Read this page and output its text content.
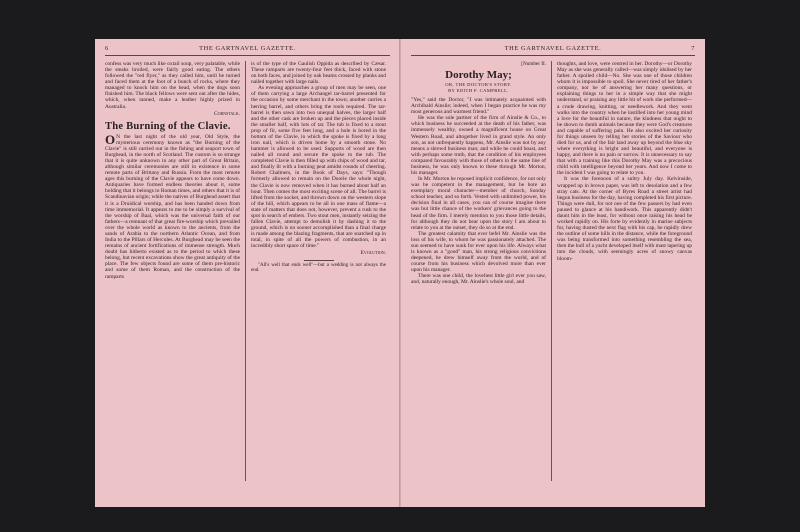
6	THE GARTNAVEL GAZETTE.

confess was very much like oxtail soup, very palatable, while the steaks broiled, were fairly good eating. The others followed the "red flyer," as they called him, until he turned and faced them at the foot of a bunch of rocks, where they managed to knock him on the head, when the dogs soon finished him. The black fellows were sent out after the hides, which, when tanned, make a leather highly prized in Australia.

Cornstalk.
The Burning of the Clavie.

O N the last night of the old year, Old Style, the mysterious ceremony known as "the Burning of the Clavie" is still carried out in the fishing and seaport town of Burghead, in the north of Scotland. The custom is so strange that it is quite unknown in any other part of Great Britain, although similar ceremonies are still in existence in some remote parts of Brittany and Russia. From the most remote ages this burning of the Clavie appears to have come down. Antiquaries have formed endless theories about it, some holding that it belongs to Roman times, and others that it is of Scandinavian origin; while the natives of Burghead assert that it is a Druidical worship, and has been handed down from time immemorial. It appears to me to be simply a survival of the worship of Baal, which was the universal faith of our fathers—a remnant of that great fire-worship which prevailed over the whole world as known to the ancients, from the sands of Arabia to the northern Atlantic Ocean, and from India to the Pillars of Hercules. At Burghead may be seen the remains of ancient fortifications of immense strength. Much doubt has hitherto existed as to the period to which these belong, but recent excavations show the great antiquity of the place. The few objects found are some of them pre-historic and some of them Roman, and the construction of the ramparts

is of the type of the Gaulish Oppida as described by Cæsar. These ramparts are twenty-four feet thick, faced with stone on both faces, and joined by oak beams crossed by planks and nailed together with large nails.

As evening approaches a group of men may be seen, one of them carrying a large Archangel tar-barrel presented for the occasion by some merchant in the town; another carries a herring barrel, and others bring the tools required. The tar-barrel is then sawn into two unequal halves, the larger half and the other cask are broken up and the pieces placed inside the smaller half, with lots of tar. The tub is fixed to a stout prop of fir, some five feet long, and a hole is bored in the bottom of the Clavie, in which the spoke is fixed by a long iron nail, which is driven home by a smooth stone. No hammer is allowed to be used. Supports of wood are then nailed all round and secure the spoke to the tub. The completed Clavie is then filled up with chips of wood and tar, and finally lit with a burning peat amidst rounds of cheering. Robert Chalmers, in the Book of Days, says: "Though formerly allowed to remain on the Doorie the whole night, the Clavie is now removed when it has burned about half an hour. Then comes the most exciting scene of all. The barrel is lifted from the socket, and thrown down on the western slope of the hill, which appears to be all in one mass of flame—a state of matters that does not, however, prevent a rush to the spot in search of embers. Two stout men, instantly seizing the fallen Clavie, attempt to demolish it by dashing it to the ground, which is no sooner accomplished than a final charge is made among the blazing fragments, that are snatched up in total, in spite of all the powers of combustion, in an incredibly short space of time."

Evolution.

"All's well that ends well"—but a wedding is not always the end.

THE GARTNAVEL GAZETTE.	7
[Number II.
Dorothy May;
OR, THE DOCTOR'S STORY.
BY EDITH F. CAMPBELL.

"Yes," said the Doctor, "I was intimately acquainted with Archibald Ainslie; indeed, when I began practice he was my most generous and warmest friend."

He was the sole partner of the firm of Ainslie & Co., to which business he succeeded at the death of his father, was immensely wealthy, owned a magnificent house on Great Western Road, and altogether lived in grand style. An only son, as not unfrequently happens, Mr. Ainslie was not by any means a shrewd business man; and while he could boast, and with perhaps some truth, that the condition of his employees compared favourably with those of others in the same line of business, he was only known to these through Mr. Morton, his manager.

In Mr. Morton he reposed implicit confidence, for not only was he competent in the management, but he bore an exemplary moral character—member of church, Sunday school teacher, and so forth. Vested with unlimited power, his decision final in all cases, you can of course imagine there was but little chance of the workers' grievances going to the head of the firm. I merely mention to you those little details, for although they do not bear upon the story I am about to relate to you at the outset, they do so at the end.

The greatest calamity that ever befel Mr. Ainslie was the loss of his wife, to whom he was passionately attached. The sun seemed to have sunk for ever upon his life. Always what is known as a "good" man, his strong religious convictions deepened, he drew himself away from the world, and of course from his business which devolved more than ever upon his manager.

There was one child, the loveliest little girl ever you saw, and, naturally enough, Mr. Ainslie's whole soul, and

thoughts, and love, were centred in her. Dorothy—or Dorothy May as she was generally called—was simply idolised by her father. A spoiled child—No. She was one of those children whom it is impossible to spoil. She never tired of her father's company, nor he of answering her many questions, or explaining things to her in a simple way that she might understand, or praising any little bit of work she performed—a crude drawing, knitting, or needlework. And they went walks into the country when he instilled into her young mind a love for the beautiful in nature, the kindness that ought to be shown to dumb animals because they were God's creatures and capable of suffering pain. He also excited her curiosity for things unseen by telling her stories of the Saviour who died for us, and of the fair land away up beyond the blue sky where everything is bright and beautiful, and everyone is happy, and there is no pain or sorrow. It is unnecessary to say that with a training like this Dorothy May was a precocious child with intelligence beyond her years. And now I come to the incident I was going to relate to you.

It was the forenoon of a sultry July day. Kelvinside, wrapped up in brown paper, was left to desolation and a few stray cats. At the corner of Byres Road a street artist had begun business for the day, having completed his first picture. Things were dull, for not one of the few passers by had even paused to glance at his handiwork. This apparently didn't daunt him in the least, for without once raising his head he worked rapidly on. His forte by evidently in marine subjects for, having dusted the next flag with his cap, he rapidly drew the outline of some hills in the distance, while the foreground was being transformed into something resembling the sea, then the hull of a yacht developed itself with mast tapering up into the clouds, with seemingly acres of snowy canvas bloom-
